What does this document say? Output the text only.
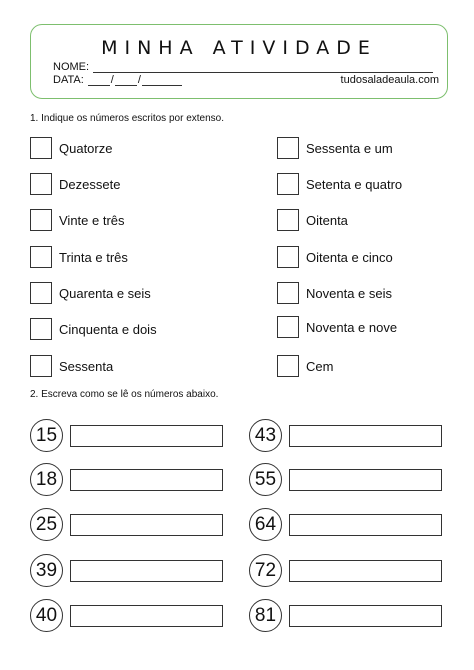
MINHA ATIVIDADE
NOME:
DATA: / /	tudosaladeaula.com
1. Indique os números escritos por extenso.
Quatorze
Dezessete
Vinte e três
Trinta e três
Quarenta e seis
Cinquenta e dois
Sessenta
Sessenta e um
Setenta e quatro
Oitenta
Oitenta e cinco
Noventa e seis
Noventa e nove
Cem
2. Escreva como se lê os números abaixo.
15
18
25
39
40
43
55
64
72
81
